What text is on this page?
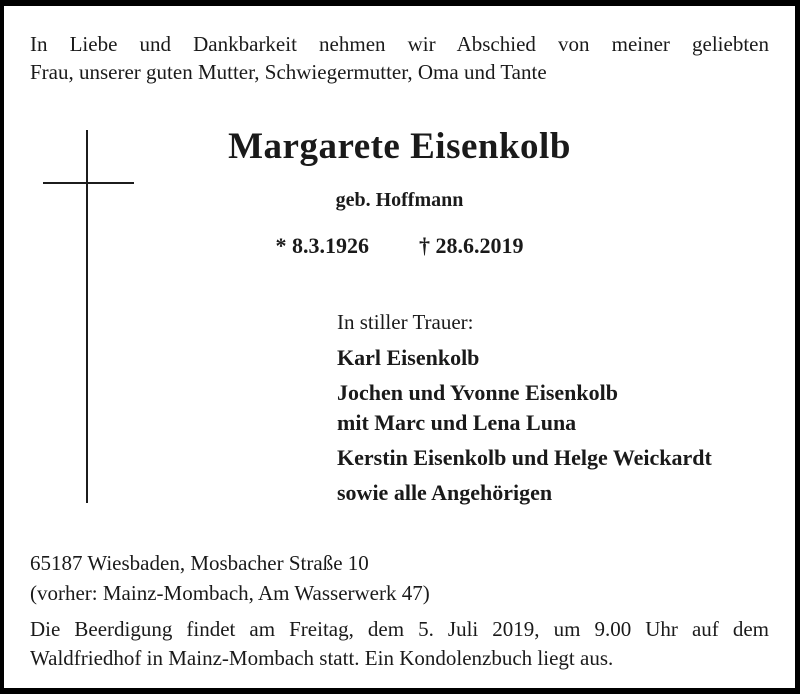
In Liebe und Dankbarkeit nehmen wir Abschied von meiner geliebten
Frau, unserer guten Mutter, Schwiegermutter, Oma und Tante
Margarete Eisenkolb
geb. Hoffmann
* 8.3.1926 † 28.6.2019
In stiller Trauer:
Karl Eisenkolb
Jochen und Yvonne Eisenkolb
mit Marc und Lena Luna
Kerstin Eisenkolb und Helge Weickardt
sowie alle Angehörigen
65187 Wiesbaden, Mosbacher Straße 10
(vorher: Mainz-Mombach, Am Wasserwerk 47)
Die Beerdigung findet am Freitag, dem 5. Juli 2019, um 9.00 Uhr auf dem
Waldfriedhof in Mainz-Mombach statt. Ein Kondolenzbuch liegt aus.
